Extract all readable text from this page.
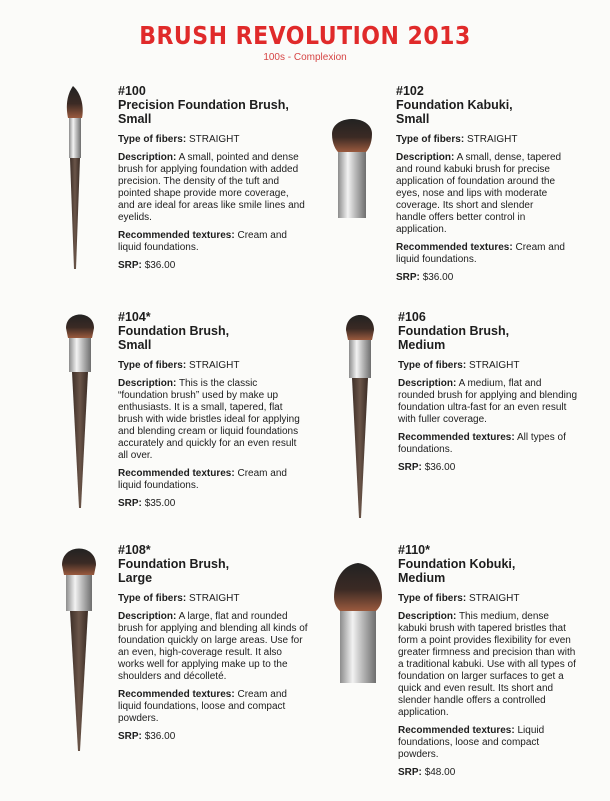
BRUSH REVOLUTION 2013
100s - Complexion
#100
Precision Foundation Brush,
Small
Type of fibers: STRAIGHT
Description: A small, pointed and dense brush for applying foundation with added precision. The density of the tuft and pointed shape provide more coverage, and are ideal for areas like smile lines and eyelids.
Recommended textures: Cream and liquid foundations.
SRP: $36.00
#102
Foundation Kabuki,
Small
Type of fibers: STRAIGHT
Description: A small, dense, tapered and round kabuki brush for precise application of foundation around the eyes, nose and lips with moderate coverage. Its short and slender handle offers better control in application.
Recommended textures: Cream and liquid foundations.
SRP: $36.00
#104*
Foundation Brush,
Small
Type of fibers: STRAIGHT
Description: This is the classic “foundation brush” used by make up enthusiasts. It is a small, tapered, flat brush with wide bristles ideal for applying and blending cream or liquid foundations accurately and quickly for an even result all over.
Recommended textures: Cream and liquid foundations.
SRP: $35.00
#106
Foundation Brush,
Medium
Type of fibers: STRAIGHT
Description: A medium, flat and rounded brush for applying and blending foundation ultra-fast for an even result with fuller coverage.
Recommended textures: All types of foundations.
SRP: $36.00
#108*
Foundation Brush,
Large
Type of fibers: STRAIGHT
Description: A large, flat and rounded brush for applying and blending all kinds of foundation quickly on large areas. Use for an even, high-coverage result. It also works well for applying make up to the shoulders and décolleté.
Recommended textures: Cream and liquid foundations, loose and compact powders.
SRP: $36.00
#110*
Foundation Kobuki,
Medium
Type of fibers: STRAIGHT
Description: This medium, dense kabuki brush with tapered bristles that form a point provides flexibility for even greater firmness and precision than with a traditional kabuki. Use with all types of foundation on larger surfaces to get a quick and even result. Its short and slender handle offers a controlled application.
Recommended textures: Liquid foundations, loose and compact powders.
SRP: $48.00
